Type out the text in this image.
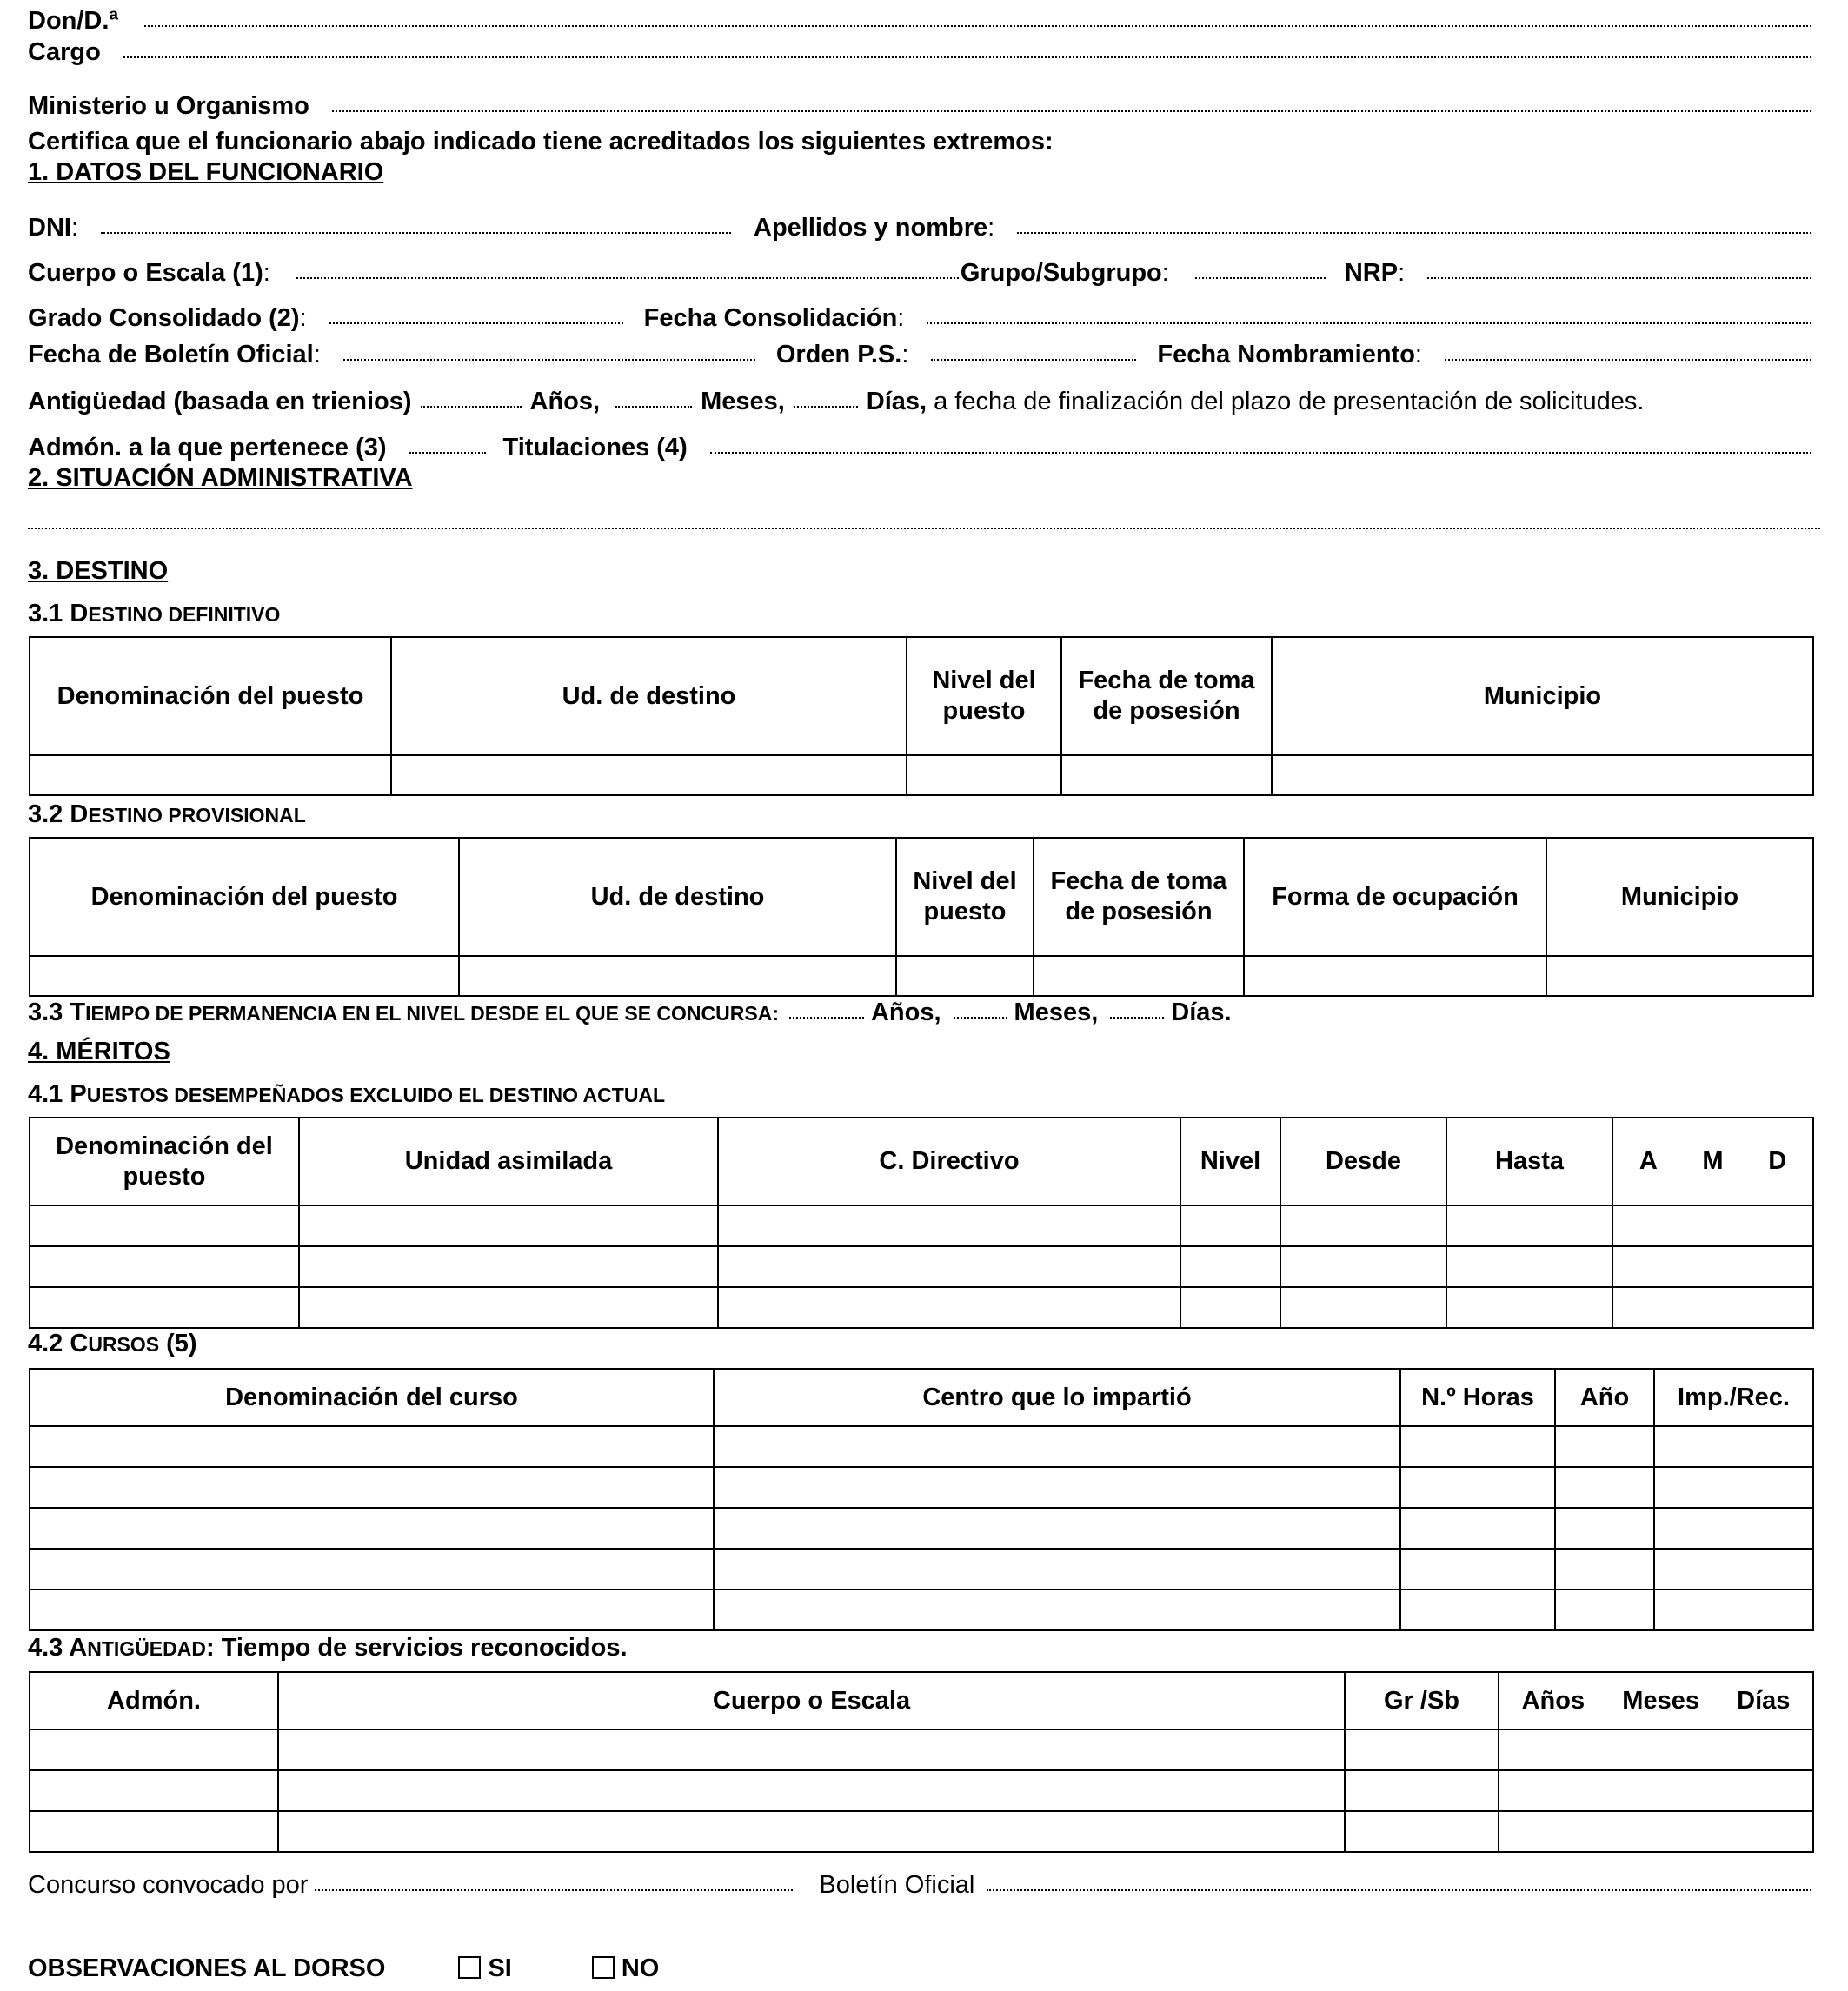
Don/D.ª
Cargo
Ministerio u Organismo
Certifica que el funcionario abajo indicado tiene acreditados los siguientes extremos:
1. DATOS DEL FUNCIONARIO
DNI :	Apellidos y nombre :
Cuerpo o Escala (1) :	Grupo/Subgrupo :	NRP :
Grado Consolidado (2) :	Fecha Consolidación :
Fecha de Boletín Oficial :	Orden P.S. :	Fecha Nombramiento :
Antigüedad (basada en trienios)	Años,	Meses,	Días, a fecha de finalización del plazo de presentación de solicitudes.
Admón. a la que pertenece (3)	Titulaciones (4)
2. SITUACIÓN ADMINISTRATIVA
3. DESTINO
3.1 DESTINO DEFINITIVO
Denominación del puesto	Ud. de destino	Nivel del puesto	Fecha de toma de posesión	Municipio

3.2 DESTINO PROVISIONAL
Denominación del puesto	Ud. de destino	Nivel del puesto	Fecha de toma de posesión	Forma de ocupación	Municipio

3.3 TIEMPO DE PERMANENCIA EN EL NIVEL DESDE EL QUE SE CONCURSA:	Años,	Meses,	Días.
4. MÉRITOS
4.1 PUESTOS DESEMPEÑADOS EXCLUIDO EL DESTINO ACTUAL
Denominación del puesto	Unidad asimilada	C. Directivo	Nivel	Desde	Hasta	A M D

4.2 CURSOS (5)
Denominación del curso	Centro que lo impartió	N.º Horas	Año	Imp./Rec.

4.3 ANTIGÜEDAD : Tiempo de servicios reconocidos.
Admón.	Cuerpo o Escala	Gr /Sb	Años Meses Días

Concurso convocado por	Boletín Oficial
OBSERVACIONES AL DORSO	SI	NO
